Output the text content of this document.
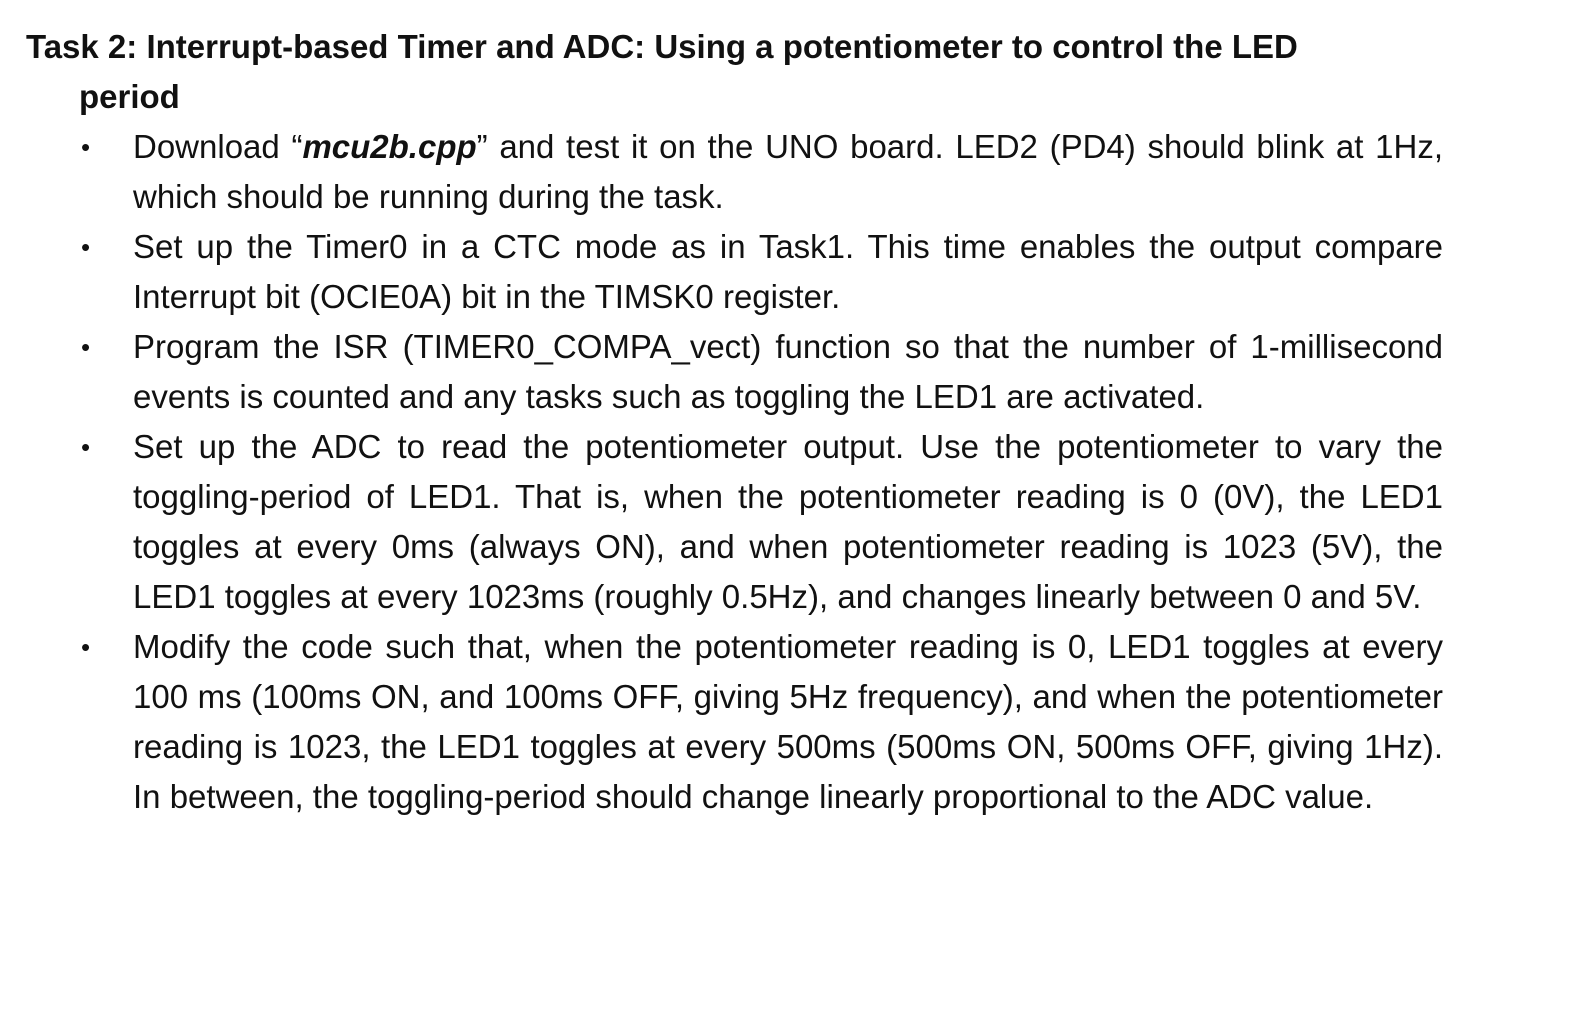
Task 2: Interrupt-based Timer and ADC: Using a potentiometer to control the LED
period
• Download “mcu2b.cpp” and test it on the UNO board. LED2 (PD4) should blink at 1Hz, which should be running during the task.
• Set up the Timer0 in a CTC mode as in Task1. This time enables the output compare Interrupt bit (OCIE0A) bit in the TIMSK0 register.
• Program the ISR (TIMER0_COMPA_vect) function so that the number of 1-millisecond events is counted and any tasks such as toggling the LED1 are activated.
• Set up the ADC to read the potentiometer output. Use the potentiometer to vary the toggling-period of LED1. That is, when the potentiometer reading is 0 (0V), the LED1 toggles at every 0ms (always ON), and when potentiometer reading is 1023 (5V), the LED1 toggles at every 1023ms (roughly 0.5Hz), and changes linearly between 0 and 5V.
• Modify the code such that, when the potentiometer reading is 0, LED1 toggles at every 100 ms (100ms ON, and 100ms OFF, giving 5Hz frequency), and when the potentiometer reading is 1023, the LED1 toggles at every 500ms (500ms ON, 500ms OFF, giving 1Hz). In between, the toggling-period should change linearly proportional to the ADC value.
